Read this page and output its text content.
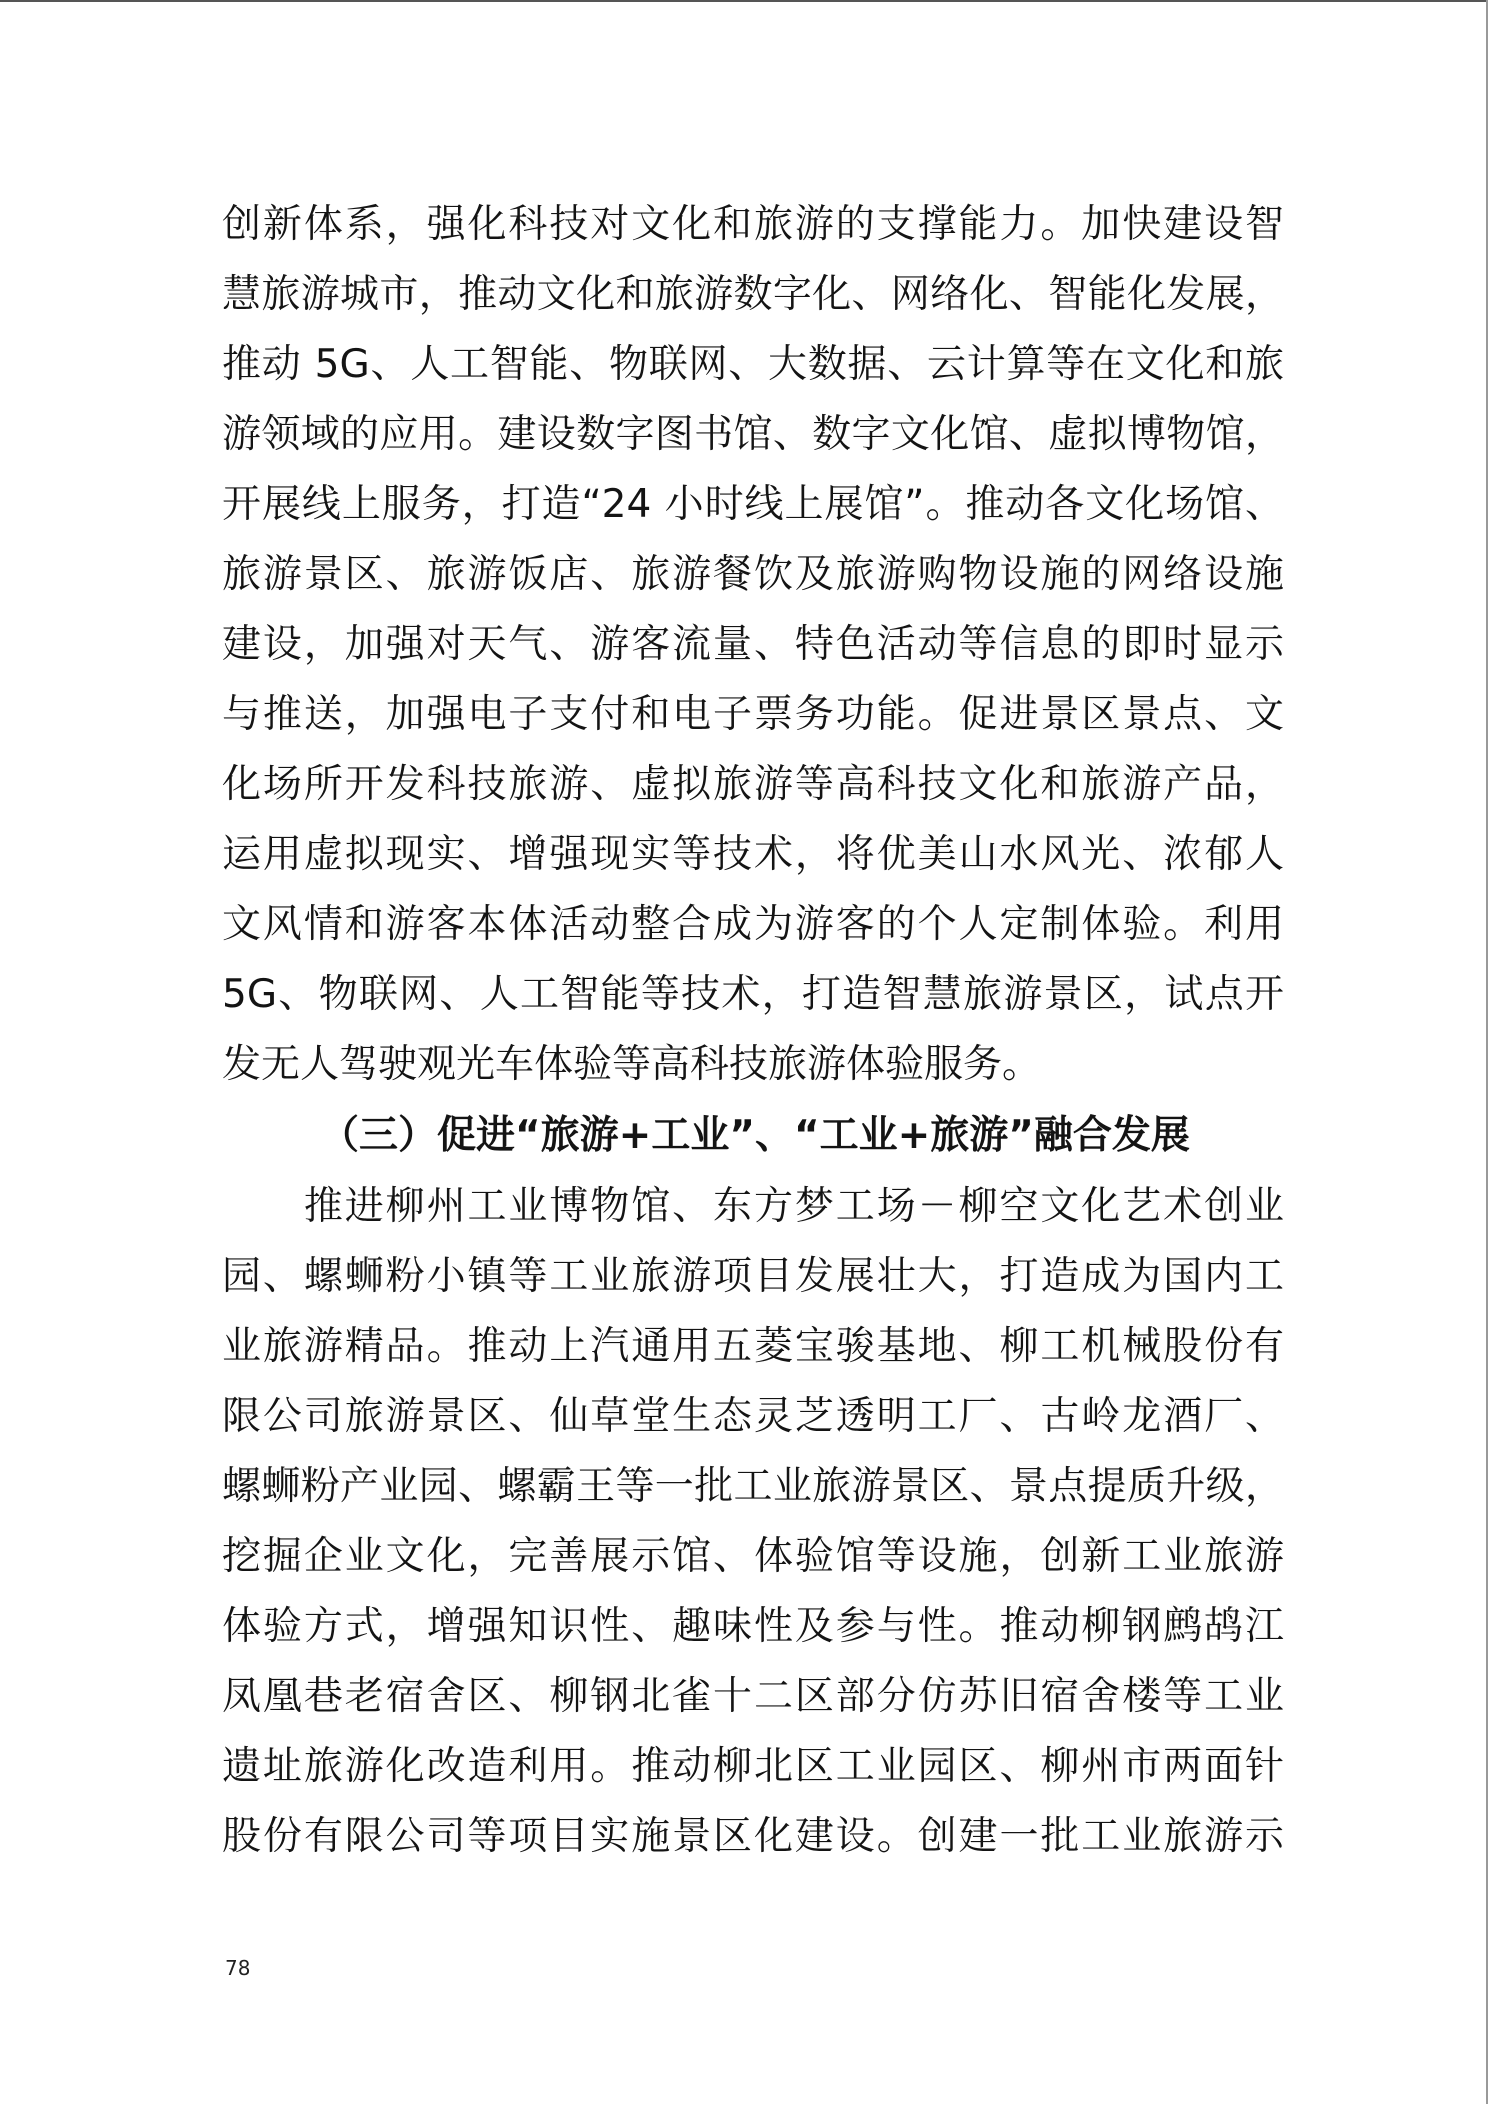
创新体系，强化科技对文化和旅游的支撑能力。加快建设智
慧旅游城市，推动文化和旅游数字化、网络化、智能化发展，
推动 5G、人工智能、物联网、大数据、云计算等在文化和旅
游领域的应用。建设数字图书馆、数字文化馆、虚拟博物馆，
开展线上服务，打造“24 小时线上展馆”。推动各文化场馆、
旅游景区、旅游饭店、旅游餐饮及旅游购物设施的网络设施
建设，加强对天气、游客流量、特色活动等信息的即时显示
与推送，加强电子支付和电子票务功能。促进景区景点、文
化场所开发科技旅游、虚拟旅游等高科技文化和旅游产品，
运用虚拟现实、增强现实等技术，将优美山水风光、浓郁人
文风情和游客本体活动整合成为游客的个人定制体验。利用
5G、物联网、人工智能等技术，打造智慧旅游景区，试点开
发无人驾驶观光车体验等高科技旅游体验服务。
（三）促进“旅游+工业”、“工业+旅游”融合发展
　　推进柳州工业博物馆、东方梦工场－柳空文化艺术创业
园、螺蛳粉小镇等工业旅游项目发展壮大，打造成为国内工
业旅游精品。推动上汽通用五菱宝骏基地、柳工机械股份有
限公司旅游景区、仙草堂生态灵芝透明工厂、古岭龙酒厂、
螺蛳粉产业园、螺霸王等一批工业旅游景区、景点提质升级，
挖掘企业文化，完善展示馆、体验馆等设施，创新工业旅游
体验方式，增强知识性、趣味性及参与性。推动柳钢鹧鸪江
凤凰巷老宿舍区、柳钢北雀十二区部分仿苏旧宿舍楼等工业
遗址旅游化改造利用。推动柳北区工业园区、柳州市两面针
股份有限公司等项目实施景区化建设。创建一批工业旅游示
78
